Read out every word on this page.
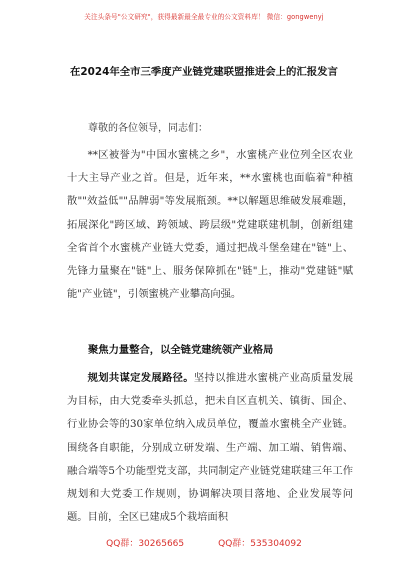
关注头条号"公文研究"，获得最新最全最专业的公文资料库！ 微信：gongwenyj
在2024年全市三季度产业链党建联盟推进会上的汇报发言
尊敬的各位领导，同志们：

**区被誉为"中国水蜜桃之乡"，水蜜桃产业位列全区农业十大主导产业之首。但是，近年来，**水蜜桃也面临着"种植散""效益低""品牌弱"等发展瓶颈。**以解题思维破发展难题，拓展深化"跨区域、跨领域、跨层级"党建联建机制，创新组建全省首个水蜜桃产业链大党委，通过把战斗堡垒建在"链"上、先锋力量聚在"链"上、服务保障抓在"链"上，推动"党建链"赋能"产业链"，引领蜜桃产业攀高向强。

聚焦力量整合，以全链党建统领产业格局

规划共谋定发展路径。坚持以推进水蜜桃产业高质量发展为目标，由大党委牵头抓总，把未自区直机关、镇街、国企、行业协会等的30家单位纳入成员单位，覆盖水蜜桃全产业链。围绕各自职能，分别成立研发端、生产端、加工端、销售端、融合端等5个功能型党支部，共同制定产业链党建联建三年工作规划和大党委工作规则，协调解决项目落地、企业发展等问题。目前，全区已建成5个栽培面积

QQ群：30265665	QQ群：535304092
